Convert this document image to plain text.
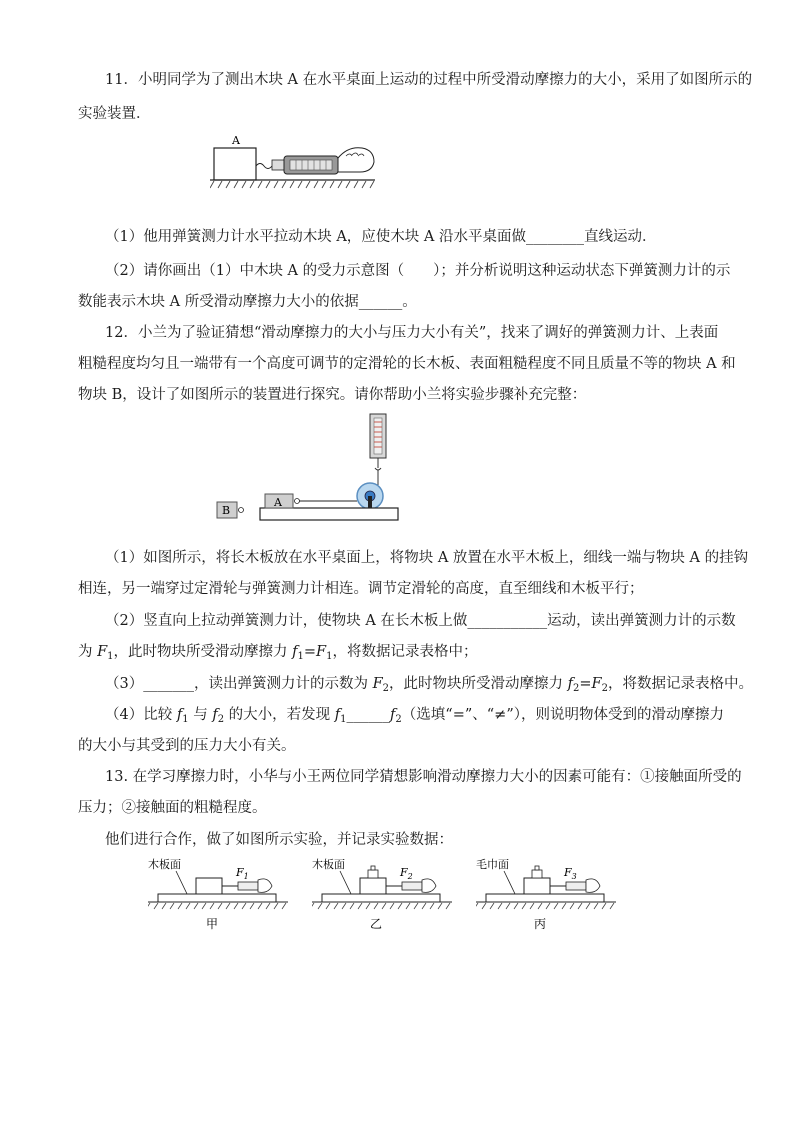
11．小明同学为了测出木块 A 在水平桌面上运动的过程中所受滑动摩擦力的大小，采用了如图所示的
实验装置．
A
（1）他用弹簧测力计水平拉动木块 A，应使木块 A 沿水平桌面做________直线运动．
（2）请你画出（1）中木块 A 的受力示意图（　　）；并分析说明这种运动状态下弹簧测力计的示
数能表示木块 A 所受滑动摩擦力大小的依据______。
12．小兰为了验证猜想“滑动摩擦力的大小与压力大小有关”，找来了调好的弹簧测力计、上表面
粗糙程度均匀且一端带有一个高度可调节的定滑轮的长木板、表面粗糙程度不同且质量不等的物块 A 和
物块 B，设计了如图所示的装置进行探究。请你帮助小兰将实验步骤补充完整：
A
B
（1）如图所示，将长木板放在水平桌面上，将物块 A 放置在水平木板上，细线一端与物块 A 的挂钩
相连，另一端穿过定滑轮与弹簧测力计相连。调节定滑轮的高度，直至细线和木板平行；
（2）竖直向上拉动弹簧测力计，使物块 A 在长木板上做___________运动，读出弹簧测力计的示数
为 $F_1$，此时物块所受滑动摩擦力 $f_1=F_1$，将数据记录表格中；
（3）_______，读出弹簧测力计的示数为 $F_2$，此时物块所受滑动摩擦力 $f_2=F_2$，将数据记录表格中。
（4）比较 $f_1$ 与 $f_2$ 的大小，若发现 $f_1\_\_\_\_\_\_f_2$（选填“=”、“≠”），则说明物体受到的滑动摩擦力
的大小与其受到的压力大小有关。
13. 在学习摩擦力时，小华与小王两位同学猜想影响滑动摩擦力大小的因素可能有：①接触面所受的
压力；②接触面的粗糙程度。
他们进行合作，做了如图所示实验，并记录实验数据：
木板面
$F_1$
甲
木板面
$F_2$
乙
毛巾面
$F_3$
丙
